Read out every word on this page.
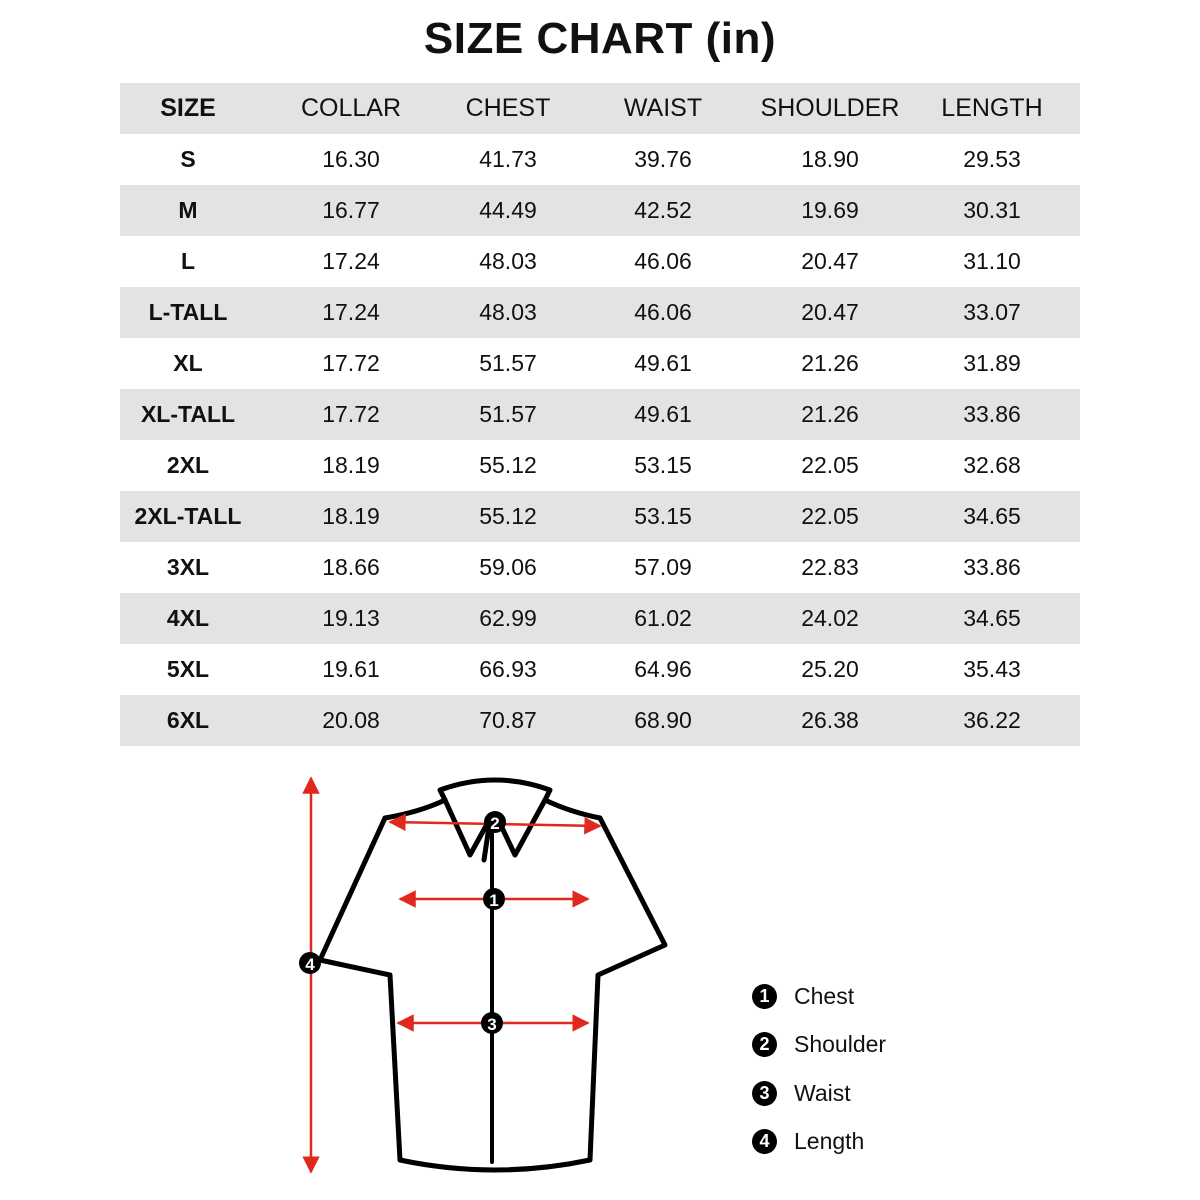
SIZE CHART (in)
SIZE	COLLAR	CHEST	WAIST	SHOULDER	LENGTH
S	16.30	41.73	39.76	18.90	29.53
M	16.77	44.49	42.52	19.69	30.31
L	17.24	48.03	46.06	20.47	31.10
L-TALL	17.24	48.03	46.06	20.47	33.07
XL	17.72	51.57	49.61	21.26	31.89
XL-TALL	17.72	51.57	49.61	21.26	33.86
2XL	18.19	55.12	53.15	22.05	32.68
2XL-TALL	18.19	55.12	53.15	22.05	34.65
3XL	18.66	59.06	57.09	22.83	33.86
4XL	19.13	62.99	61.02	24.02	34.65
5XL	19.61	66.93	64.96	25.20	35.43
6XL	20.08	70.87	68.90	26.38	36.22
2
1
3
4
1	Chest
2	Shoulder
3	Waist
4	Length
